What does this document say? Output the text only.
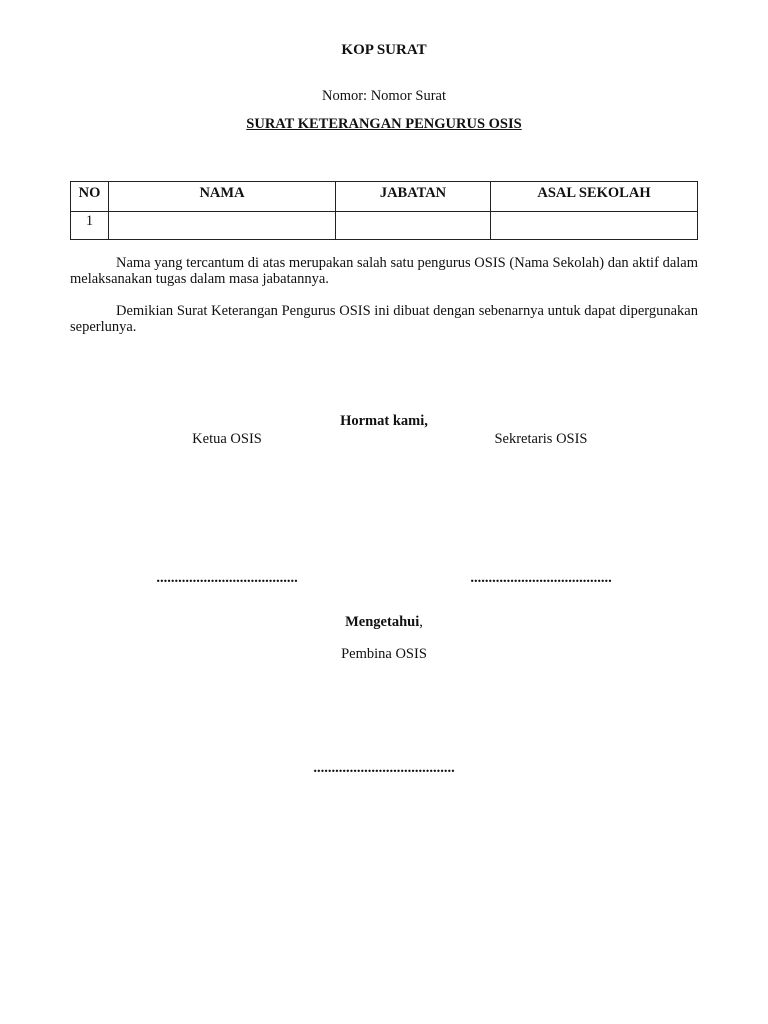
KOP SURAT
Nomor: Nomor Surat
SURAT KETERANGAN PENGURUS OSIS
NO	NAMA	JABATAN	ASAL SEKOLAH
1			
Nama yang tercantum di atas merupakan salah satu pengurus OSIS (Nama Sekolah) dan aktif dalam melaksanakan tugas dalam masa jabatannya.
Demikian Surat Keterangan Pengurus OSIS ini dibuat dengan sebenarnya untuk dapat dipergunakan seperlunya.
Hormat kami,
Ketua OSIS	Sekretaris OSIS
.......................................	.......................................
Mengetahui,
Pembina OSIS
.......................................
